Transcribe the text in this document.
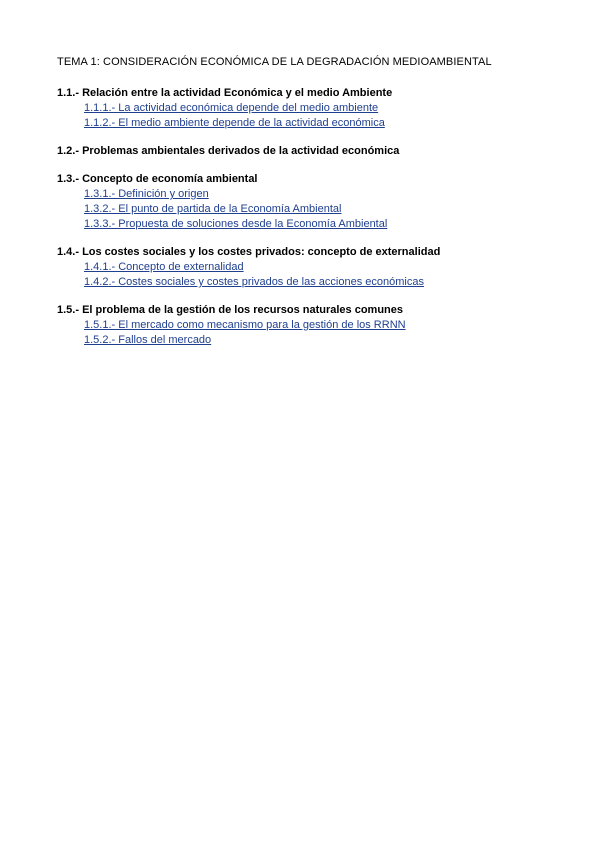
TEMA 1: CONSIDERACIÓN ECONÓMICA DE LA DEGRADACIÓN MEDIOAMBIENTAL
1.1.- Relación entre la actividad Económica y el medio Ambiente
1.1.1.- La actividad económica depende del medio ambiente
1.1.2.- El medio ambiente depende de la actividad económica
1.2.- Problemas ambientales derivados de la actividad económica
1.3.- Concepto de economía ambiental
1.3.1.- Definición y origen
1.3.2.- El punto de partida de la Economía Ambiental
1.3.3.- Propuesta de soluciones desde la Economía Ambiental
1.4.- Los costes sociales y los costes privados: concepto de externalidad
1.4.1.- Concepto de externalidad
1.4.2.- Costes sociales y costes privados de las acciones económicas
1.5.- El problema de la gestión de los recursos naturales comunes
1.5.1.- El mercado como mecanismo para la gestión de los RRNN
1.5.2.- Fallos del mercado
